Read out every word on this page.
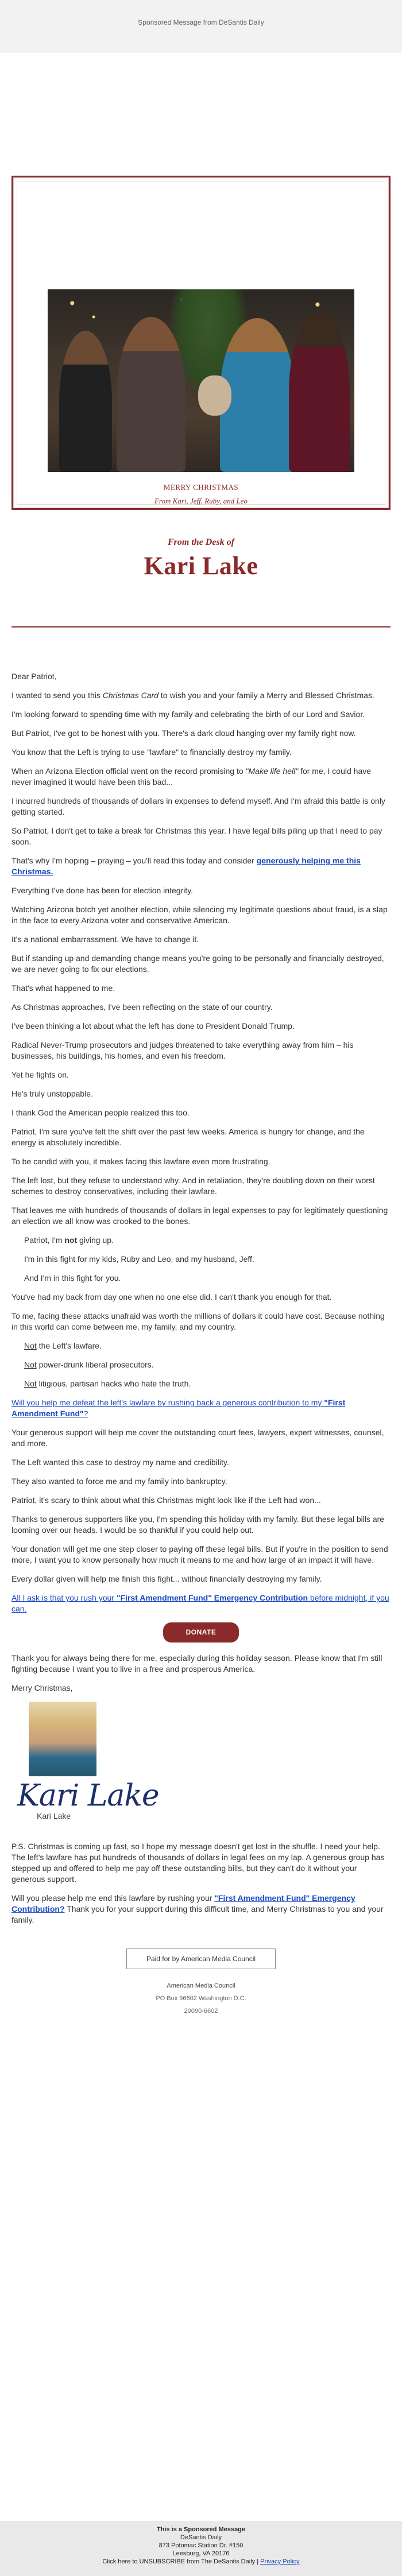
Sponsored Message from DeSantis Daily
MERRY CHRISTMAS
From Kari, Jeff, Ruby, and Leo
From the Desk of
Kari Lake

Dear Patriot,

I wanted to send you this Christmas Card to wish you and your family a Merry and Blessed Christmas.

I'm looking forward to spending time with my family and celebrating the birth of our Lord and Savior.

But Patriot, I've got to be honest with you. There's a dark cloud hanging over my family right now.

You know that the Left is trying to use "lawfare" to financially destroy my family.

When an Arizona Election official went on the record promising to "Make life hell" for me, I could have never imagined it would have been this bad...

I incurred hundreds of thousands of dollars in expenses to defend myself. And I'm afraid this battle is only getting started.

So Patriot, I don't get to take a break for Christmas this year. I have legal bills piling up that I need to pay soon.

That's why I'm hoping – praying – you'll read this today and consider generously helping me this Christmas.

Everything I've done has been for election integrity.

Watching Arizona botch yet another election, while silencing my legitimate questions about fraud, is a slap in the face to every Arizona voter and conservative American.

It's a national embarrassment. We have to change it.

But if standing up and demanding change means you're going to be personally and financially destroyed, we are never going to fix our elections.

That's what happened to me.

As Christmas approaches, I've been reflecting on the state of our country.

I've been thinking a lot about what the left has done to President Donald Trump.

Radical Never-Trump prosecutors and judges threatened to take everything away from him – his businesses, his buildings, his homes, and even his freedom.

Yet he fights on.

He's truly unstoppable.

I thank God the American people realized this too.

Patriot, I'm sure you've felt the shift over the past few weeks. America is hungry for change, and the energy is absolutely incredible.

To be candid with you, it makes facing this lawfare even more frustrating.

The left lost, but they refuse to understand why. And in retaliation, they're doubling down on their worst schemes to destroy conservatives, including their lawfare.

That leaves me with hundreds of thousands of dollars in legal expenses to pay for legitimately questioning an election we all know was crooked to the bones.

Patriot, I'm not giving up.

I'm in this fight for my kids, Ruby and Leo, and my husband, Jeff.

And I'm in this fight for you.

You've had my back from day one when no one else did. I can't thank you enough for that.

To me, facing these attacks unafraid was worth the millions of dollars it could have cost. Because nothing in this world can come between me, my family, and my country.

Not the Left's lawfare.

Not power-drunk liberal prosecutors.

Not litigious, partisan hacks who hate the truth.

Will you help me defeat the left's lawfare by rushing back a generous contribution to my "First Amendment Fund"?

Your generous support will help me cover the outstanding court fees, lawyers, expert witnesses, counsel, and more.

The Left wanted this case to destroy my name and credibility.

They also wanted to force me and my family into bankruptcy.

Patriot, it's scary to think about what this Christmas might look like if the Left had won...

Thanks to generous supporters like you, I'm spending this holiday with my family. But these legal bills are looming over our heads. I would be so thankful if you could help out.

Your donation will get me one step closer to paying off these legal bills. But if you're in the position to send more, I want you to know personally how much it means to me and how large of an impact it will have.

Every dollar given will help me finish this fight... without financially destroying my family.

All I ask is that you rush your "First Amendment Fund" Emergency Contribution before midnight, if you can.

DONATE

Thank you for always being there for me, especially during this holiday season. Please know that I'm still fighting because I want you to live in a free and prosperous America.

Merry Christmas,

Kari Lake
Kari Lake

P.S. Christmas is coming up fast, so I hope my message doesn't get lost in the shuffle. I need your help. The left's lawfare has put hundreds of thousands of dollars in legal fees on my lap. A generous group has stepped up and offered to help me pay off these outstanding bills, but they can't do it without your generous support.

Will you please help me end this lawfare by rushing your "First Amendment Fund" Emergency Contribution? Thank you for your support during this difficult time, and Merry Christmas to you and your family.

Paid for by American Media Council
American Media Council
PO Box 96602 Washington D.C.
20090-6602
This is a Sponsored Message
DeSantis Daily
873 Potomac Station Dr. #150
Leesburg, VA 20176
Click here to UNSUBSCRIBE from The DeSantis Daily | Privacy Policy
